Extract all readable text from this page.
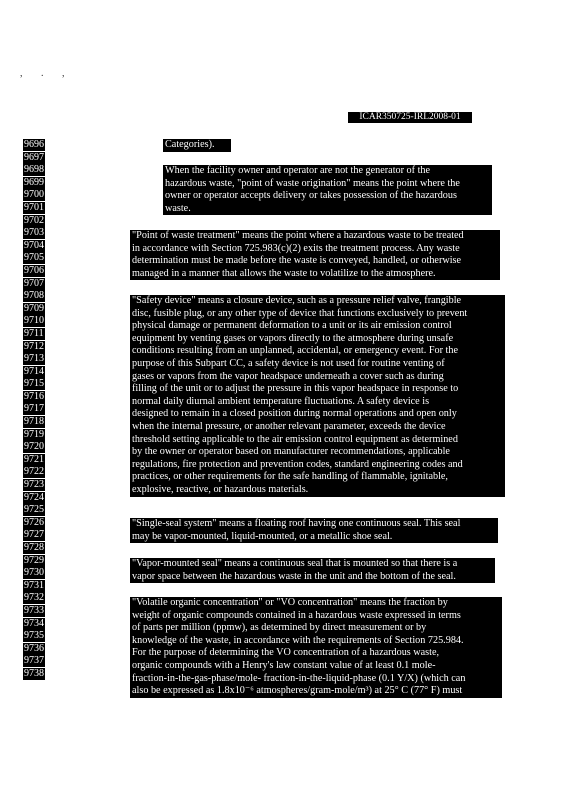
, . ,
ICAR350725-IRL2008-01
9696
9697
9698
9699
9700
9701
9702
9703
9704
9705
9706
9707
9708
9709
9710
9711
9712
9713
9714
9715
9716
9717
9718
9719
9720
9721
9722
9723
9724
9725
9726
9727
9728
9729
9730
9731
9732
9733
9734
9735
9736
9737
9738
Categories).
When the facility owner and operator are not the generator of the
hazardous waste, "point of waste origination" means the point where the
owner or operator accepts delivery or takes possession of the hazardous
waste.
"Point of waste treatment" means the point where a hazardous waste to be treated
in accordance with Section 725.983(c)(2) exits the treatment process. Any waste
determination must be made before the waste is conveyed, handled, or otherwise
managed in a manner that allows the waste to volatilize to the atmosphere.
"Safety device" means a closure device, such as a pressure relief valve, frangible
disc, fusible plug, or any other type of device that functions exclusively to prevent
physical damage or permanent deformation to a unit or its air emission control
equipment by venting gases or vapors directly to the atmosphere during unsafe
conditions resulting from an unplanned, accidental, or emergency event. For the
purpose of this Subpart CC, a safety device is not used for routine venting of
gases or vapors from the vapor headspace underneath a cover such as during
filling of the unit or to adjust the pressure in this vapor headspace in response to
normal daily diurnal ambient temperature fluctuations. A safety device is
designed to remain in a closed position during normal operations and open only
when the internal pressure, or another relevant parameter, exceeds the device
threshold setting applicable to the air emission control equipment as determined
by the owner or operator based on manufacturer recommendations, applicable
regulations, fire protection and prevention codes, standard engineering codes and
practices, or other requirements for the safe handling of flammable, ignitable,
explosive, reactive, or hazardous materials.
"Single-seal system" means a floating roof having one continuous seal. This seal
may be vapor-mounted, liquid-mounted, or a metallic shoe seal.
"Vapor-mounted seal" means a continuous seal that is mounted so that there is a
vapor space between the hazardous waste in the unit and the bottom of the seal.
"Volatile organic concentration" or "VO concentration" means the fraction by
weight of organic compounds contained in a hazardous waste expressed in terms
of parts per million (ppmw), as determined by direct measurement or by
knowledge of the waste, in accordance with the requirements of Section 725.984.
For the purpose of determining the VO concentration of a hazardous waste,
organic compounds with a Henry's law constant value of at least 0.1 mole-
fraction-in-the-gas-phase/mole- fraction-in-the-liquid-phase (0.1 Y/X) (which can
also be expressed as 1.8x10⁻⁶ atmospheres/gram-mole/m³) at 25° C (77° F) must
